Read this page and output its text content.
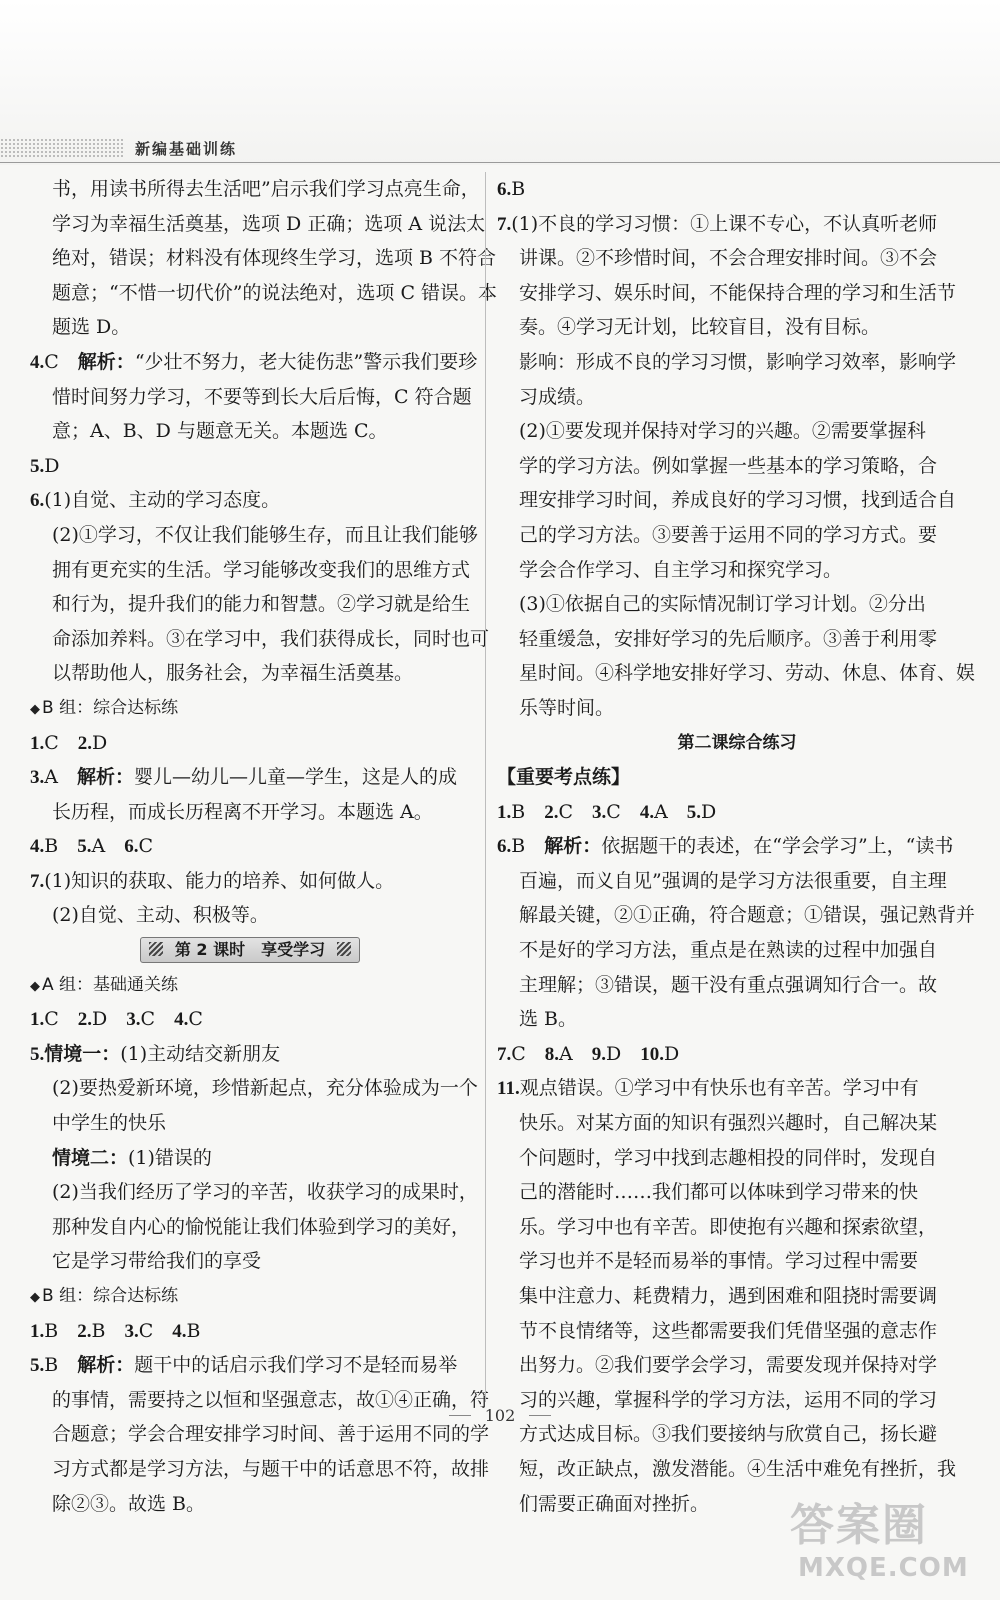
新编基础训练
书，用读书所得去生活吧”启示我们学习点亮生命，
学习为幸福生活奠基，选项 D 正确；选项 A 说法太
绝对，错误；材料没有体现终生学习，选项 B 不符合
题意；“不惜一切代价”的说法绝对，选项 C 错误。本
题选 D。
4.C　解析：“少壮不努力，老大徒伤悲”警示我们要珍
惜时间努力学习，不要等到长大后后悔，C 符合题
意；A、B、D 与题意无关。本题选 C。
5.D
6.(1)自觉、主动的学习态度。
(2)①学习，不仅让我们能够生存，而且让我们能够
拥有更充实的生活。学习能够改变我们的思维方式
和行为，提升我们的能力和智慧。②学习就是给生
命添加养料。③在学习中，我们获得成长，同时也可
以帮助他人，服务社会，为幸福生活奠基。
◆ B 组：综合达标练
1.C　2.D
3.A　解析：婴儿—幼儿—儿童—学生，这是人的成
长历程，而成长历程离不开学习。本题选 A。
4.B　5.A　6.C
7.(1)知识的获取、能力的培养、如何做人。
(2)自觉、主动、积极等。
第 2 课时　享受学习
◆ A 组：基础通关练
1.C　2.D　3.C　4.C
5.情境一：(1)主动结交新朋友
(2)要热爱新环境，珍惜新起点，充分体验成为一个
中学生的快乐
情境二：(1)错误的
(2)当我们经历了学习的辛苦，收获学习的成果时，
那种发自内心的愉悦能让我们体验到学习的美好，
它是学习带给我们的享受
◆ B 组：综合达标练
1.B　2.B　3.C　4.B
5.B　解析：题干中的话启示我们学习不是轻而易举
的事情，需要持之以恒和坚强意志，故①④正确，符
合题意；学会合理安排学习时间、善于运用不同的学
习方式都是学习方法，与题干中的话意思不符，故排
除②③。故选 B。
6.B
7.(1)不良的学习习惯：①上课不专心，不认真听老师
讲课。②不珍惜时间，不会合理安排时间。③不会
安排学习、娱乐时间，不能保持合理的学习和生活节
奏。④学习无计划，比较盲目，没有目标。
影响：形成不良的学习习惯，影响学习效率，影响学
习成绩。
(2)①要发现并保持对学习的兴趣。②需要掌握科
学的学习方法。例如掌握一些基本的学习策略，合
理安排学习时间，养成良好的学习习惯，找到适合自
己的学习方法。③要善于运用不同的学习方式。要
学会合作学习、自主学习和探究学习。
(3)①依据自己的实际情况制订学习计划。②分出
轻重缓急，安排好学习的先后顺序。③善于利用零
星时间。④科学地安排好学习、劳动、休息、体育、娱
乐等时间。
第二课综合练习
【重要考点练】
1.B　2.C　3.C　4.A　5.D
6.B　解析：依据题干的表述，在“学会学习”上，“读书
百遍，而义自见”强调的是学习方法很重要，自主理
解最关键，②①正确，符合题意；①错误，强记熟背并
不是好的学习方法，重点是在熟读的过程中加强自
主理解；③错误，题干没有重点强调知行合一。故
选 B。
7.C　8.A　9.D　10.D
11.观点错误。①学习中有快乐也有辛苦。学习中有
快乐。对某方面的知识有强烈兴趣时，自己解决某
个问题时，学习中找到志趣相投的同伴时，发现自
己的潜能时……我们都可以体味到学习带来的快
乐。学习中也有辛苦。即使抱有兴趣和探索欲望，
学习也并不是轻而易举的事情。学习过程中需要
集中注意力、耗费精力，遇到困难和阻挠时需要调
节不良情绪等，这些都需要我们凭借坚强的意志作
出努力。②我们要学会学习，需要发现并保持对学
习的兴趣，掌握科学的学习方法，运用不同的学习
方式达成目标。③我们要接纳与欣赏自己，扬长避
短，改正缺点，激发潜能。④生活中难免有挫折，我
们需要正确面对挫折。
102
答案圈
MXQE.COM
